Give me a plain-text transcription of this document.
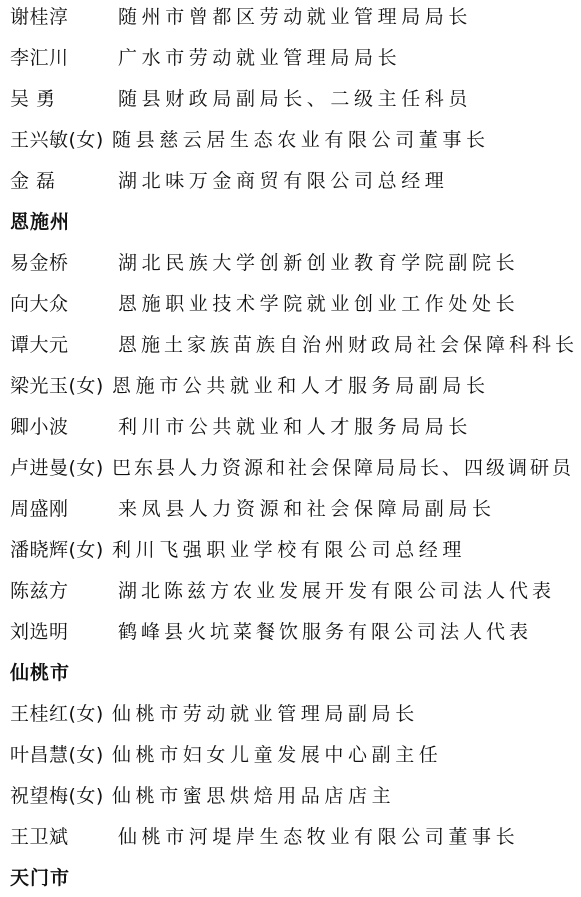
谢桂淳	随州市曾都区劳动就业管理局局长
李汇川	广水市劳动就业管理局局长
吴 勇	随县财政局副局长、二级主任科员
王兴敏(女) 随县慈云居生态农业有限公司董事长
金 磊	湖北味万金商贸有限公司总经理
恩施州
易金桥	湖北民族大学创新创业教育学院副院长
向大众	恩施职业技术学院就业创业工作处处长
谭大元	恩施土家族苗族自治州财政局社会保障科科长
梁光玉(女) 恩施市公共就业和人才服务局副局长
卿小波	利川市公共就业和人才服务局局长
卢进曼(女) 巴东县人力资源和社会保障局局长、四级调研员
周盛刚	来凤县人力资源和社会保障局副局长
潘晓辉(女) 利川飞强职业学校有限公司总经理
陈兹方	湖北陈兹方农业发展开发有限公司法人代表
刘选明	鹤峰县火坑菜餐饮服务有限公司法人代表
仙桃市
王桂红(女) 仙桃市劳动就业管理局副局长
叶昌慧(女) 仙桃市妇女儿童发展中心副主任
祝望梅(女) 仙桃市蜜思烘焙用品店店主
王卫斌	仙桃市河堤岸生态牧业有限公司董事长
天门市
